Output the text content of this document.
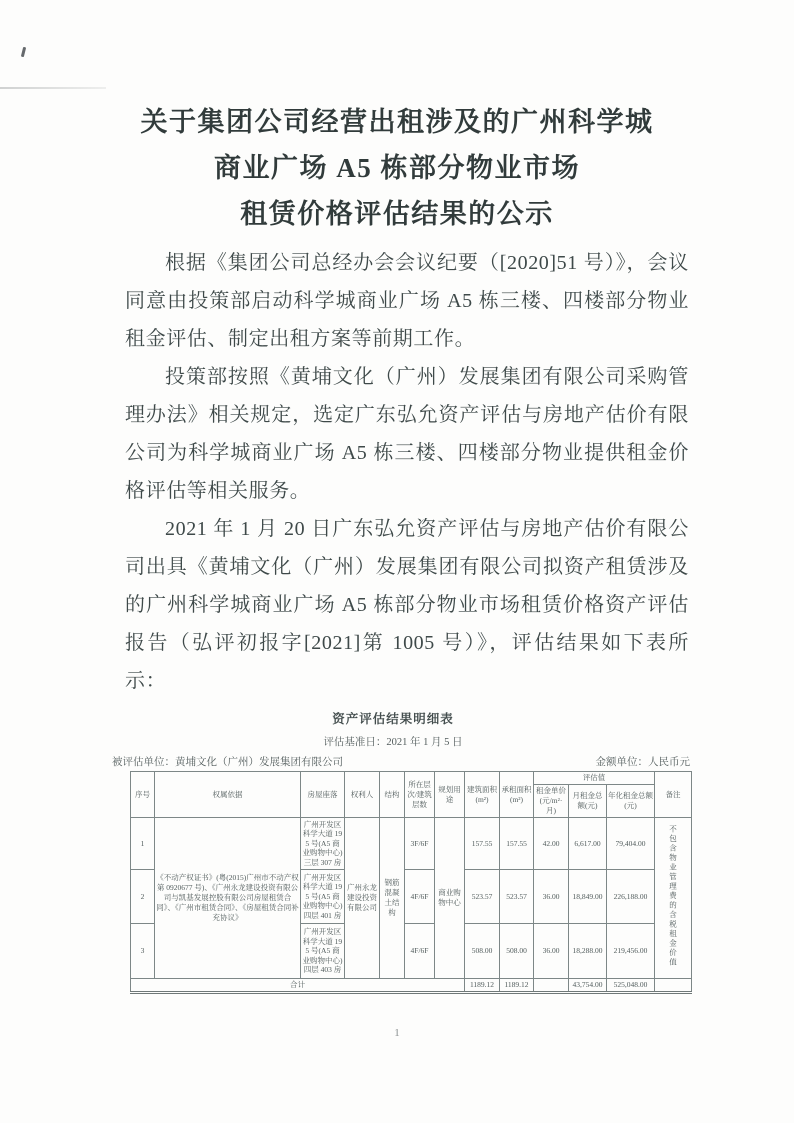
关于集团公司经营出租涉及的广州科学城
商业广场 A5 栋部分物业市场
租赁价格评估结果的公示

根据《集团公司总经办会会议纪要（[2020]51 号）》，会议同意由投策部启动科学城商业广场 A5 栋三楼、四楼部分物业租金评估、制定出租方案等前期工作。

投策部按照《黄埔文化（广州）发展集团有限公司采购管理办法》相关规定，选定广东弘允资产评估与房地产估价有限公司为科学城商业广场 A5 栋三楼、四楼部分物业提供租金价格评估等相关服务。

2021 年 1 月 20 日广东弘允资产评估与房地产估价有限公司出具《黄埔文化（广州）发展集团有限公司拟资产租赁涉及的广州科学城商业广场 A5 栋部分物业市场租赁价格资产评估报告（弘评初报字[2021]第 1005 号）》，评估结果如下表所示：

资产评估结果明细表
评估基准日：2021 年 1 月 5 日
被评估单位：黄埔文化（广州）发展集团有限公司	金额单位：人民币元
序号	权属依据	房屋座落	权利人	结构	所在层次/建筑层数	规划用途	建筑面积(m²)	承租面积(m²)	评估值			备注
									租金单价(元/m²·月)	月租金总额(元)	年化租金总额(元)	
1	《不动产权证书》(粤(2015)广州市不动产权第 0920677 号)、《广州永龙建设投资有限公司与凯基发展控股有限公司房屋租赁合同》、《广州市租赁合同》、《房屋租赁合同补充协议》	广州开发区科学大道 195 号(A5 商业购物中心)三层 307 房	广州永龙建设投资有限公司	钢筋混凝土结构	3F/6F	商业购物中心	157.55	157.55	42.00	6,617.00	79,404.00	不包含物业管理费的含税租金价值
2		广州开发区科学大道 195 号(A5 商业购物中心)四层 401 房			4F/6F		523.57	523.57	36.00	18,849.00	226,188.00	
3		广州开发区科学大道 195 号(A5 商业购物中心)四层 403 房			4F/6F		508.00	508.00	36.00	18,288.00	219,456.00	
合计							1189.12	1189.12		43,754.00	525,048.00	
1
